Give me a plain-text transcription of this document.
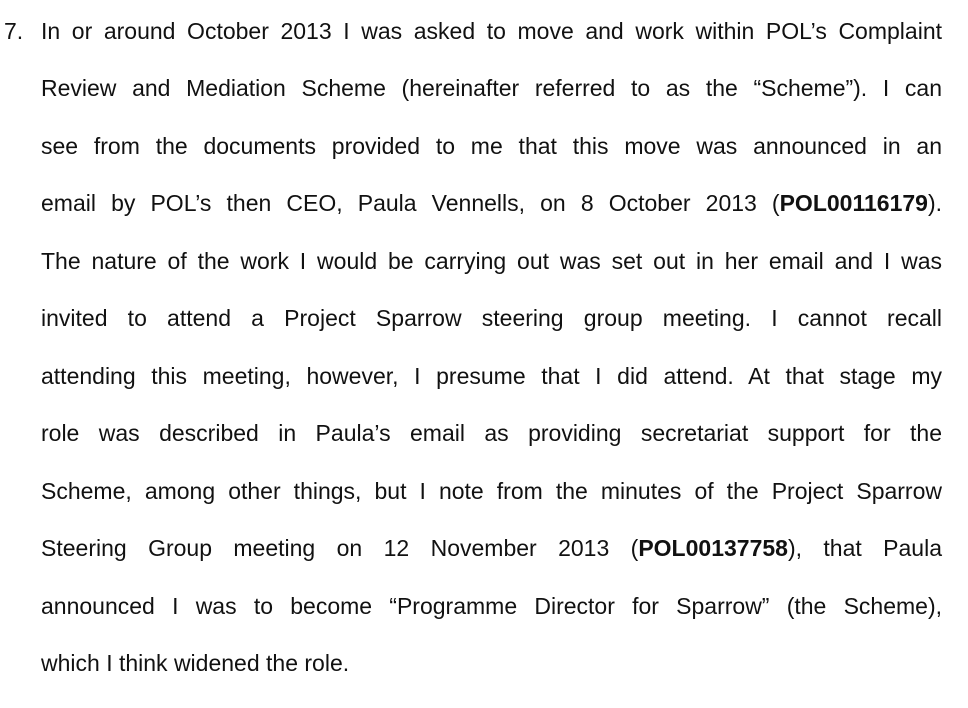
7. In or around October 2013 I was asked to move and work within POL’s Complaint
Review and Mediation Scheme (hereinafter referred to as the “Scheme”). I can
see from the documents provided to me that this move was announced in an
email by POL’s then CEO, Paula Vennells, on 8 October 2013 (POL00116179).
The nature of the work I would be carrying out was set out in her email and I was
invited to attend a Project Sparrow steering group meeting. I cannot recall
attending this meeting, however, I presume that I did attend. At that stage my
role was described in Paula’s email as providing secretariat support for the
Scheme, among other things, but I note from the minutes of the Project Sparrow
Steering Group meeting on 12 November 2013 (POL00137758), that Paula
announced I was to become “Programme Director for Sparrow” (the Scheme),
which I think widened the role.
